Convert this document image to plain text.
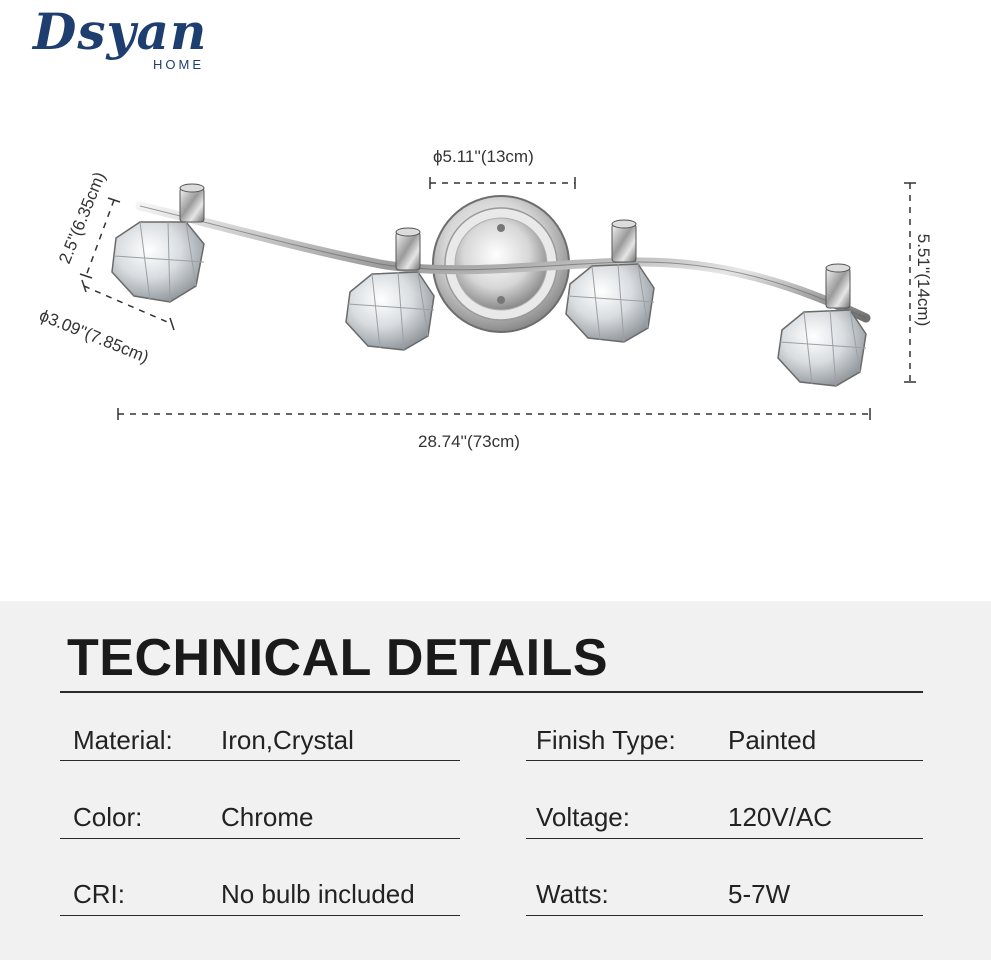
Dsyan
HOME
ϕ5.11''(13cm)
28.74''(73cm)
5.51''(14cm)
2.5''(6.35cm)
ϕ3.09''(7.85cm)
TECHNICAL DETAILS
Material: Iron,Crystal	Finish Type: Painted
Color:	Chrome	Voltage:	120V/AC
CRI:	No bulb included	Watts:	5-7W
